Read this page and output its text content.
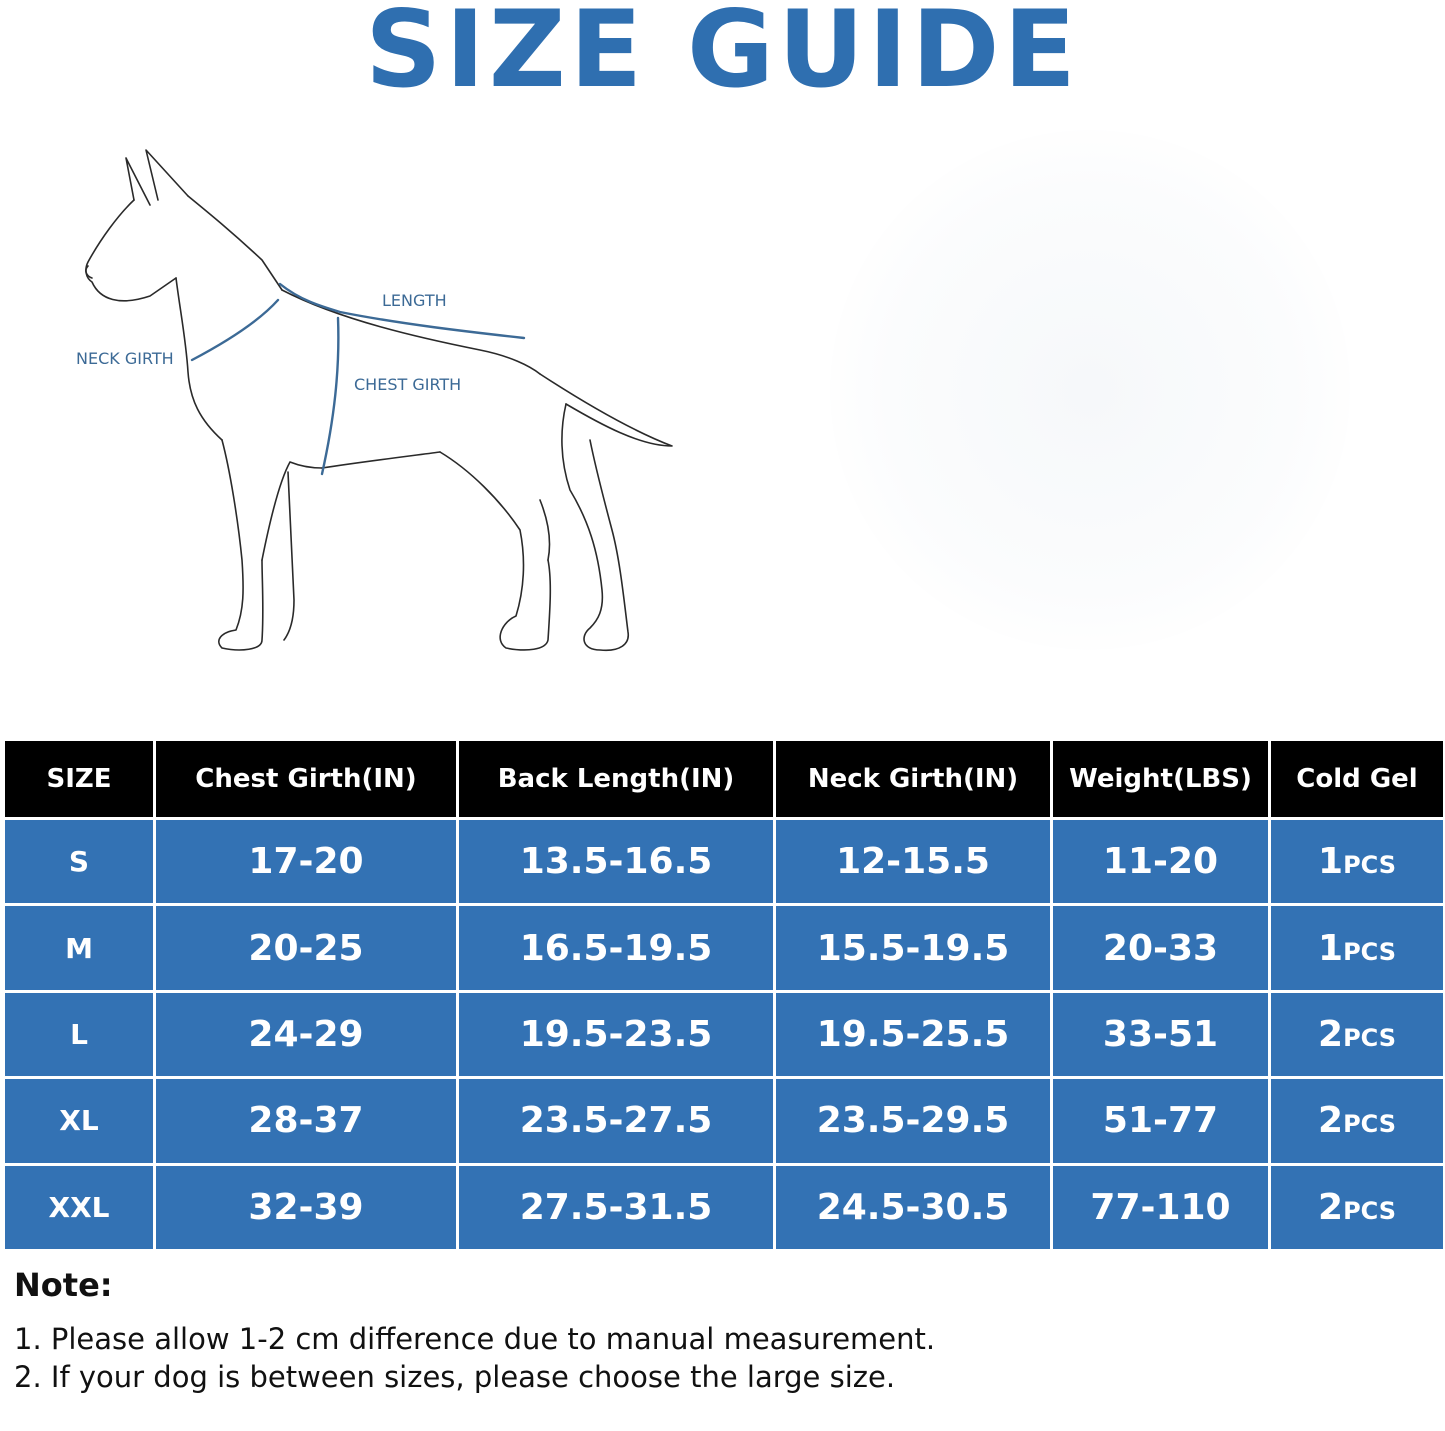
SIZE GUIDE
LENGTH
NECK GIRTH
CHEST GIRTH
SIZE	Chest Girth(IN)	Back Length(IN)	Neck Girth(IN)	Weight(LBS)	Cold Gel
S	17-20	13.5-16.5	12-15.5	11-20	1PCS
M	20-25	16.5-19.5	15.5-19.5	20-33	1PCS
L	24-29	19.5-23.5	19.5-25.5	33-51	2PCS
XL	28-37	23.5-27.5	23.5-29.5	51-77	2PCS
XXL	32-39	27.5-31.5	24.5-30.5	77-110	2PCS

Note:

1. Please allow 1-2 cm difference due to manual measurement.

2. If your dog is between sizes, please choose the large size.
